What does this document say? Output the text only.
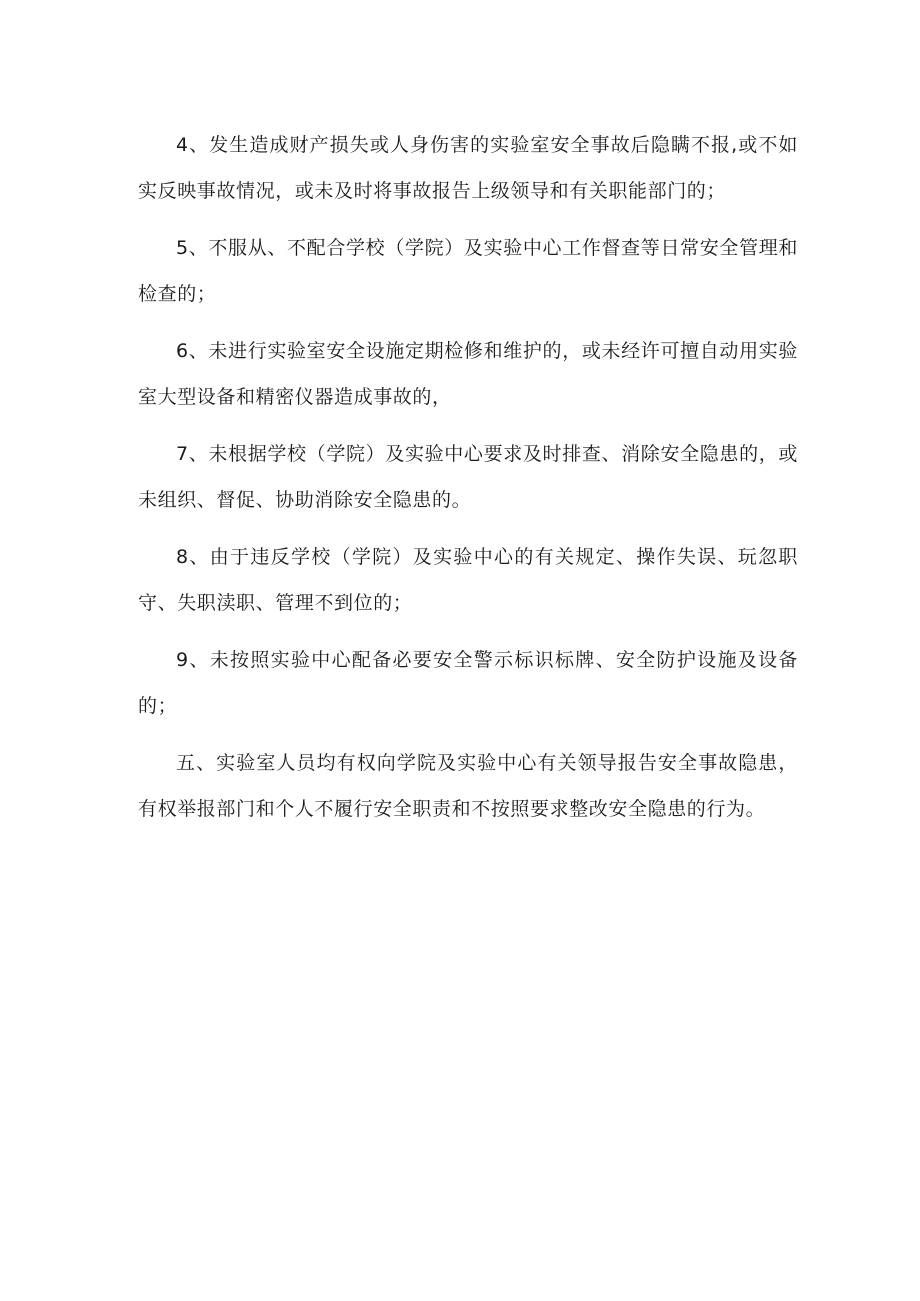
4、发生造成财产损失或人身伤害的实验室安全事故后隐瞒不报,或不如实反映事故情况，或未及时将事故报告上级领导和有关职能部门的；

5、不服从、不配合学校（学院）及实验中心工作督查等日常安全管理和检查的；

6、未进行实验室安全设施定期检修和维护的，或未经许可擅自动用实验室大型设备和精密仪器造成事故的，

7、未根据学校（学院）及实验中心要求及时排查、消除安全隐患的，或未组织、督促、协助消除安全隐患的。

8、由于违反学校（学院）及实验中心的有关规定、操作失误、玩忽职守、失职渎职、管理不到位的；

9、未按照实验中心配备必要安全警示标识标牌、安全防护设施及设备的；

五、实验室人员均有权向学院及实验中心有关领导报告安全事故隐患，有权举报部门和个人不履行安全职责和不按照要求整改安全隐患的行为。
